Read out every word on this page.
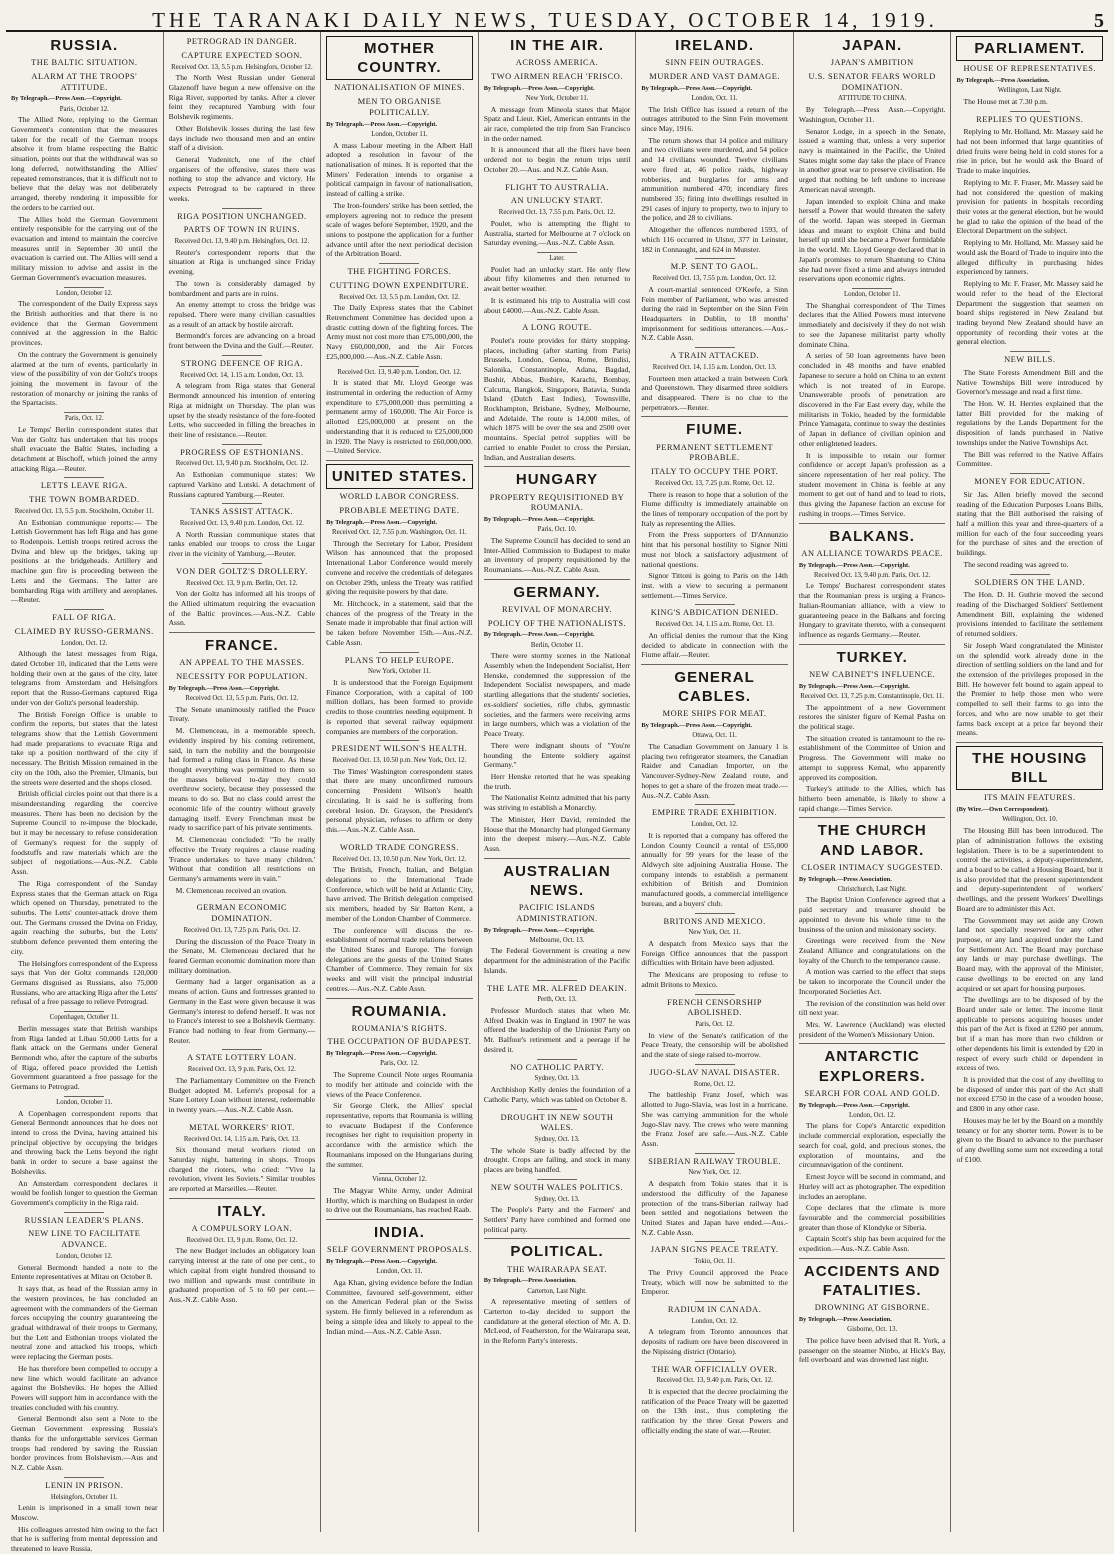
THE TARANAKI DAILY NEWS, TUESDAY, OCTOBER 14, 1919.	5
RUSSIA.
THE BALTIC SITUATION.
ALARM AT THE TROOPS' ATTITUDE.
By Telegraph.—Press Assn.—Copyright.
Paris, October 12.

The Allied Note, replying to the German Government's contention that the measures taken for the recall of the German troops absolve it from blame respecting the Baltic situation, points out that the withdrawal was so long deferred, notwithstanding the Allies' repeated remonstrances, that it is difficult not to believe that the delay was not deliberately arranged, thereby rendering it impossible for the orders to be carried out.

The Allies hold the German Government entirely responsible for the carrying out of the evacuation and intend to maintain the coercive measures until in September 30 until the evacuation is carried out. The Allies will send a military mission to advise and assist in the German Government's evacuation measures.

London, October 12.

The correspondent of the Daily Express says the British authorities and that there is no evidence that the German Government connived at the aggression in the Baltic provinces.

On the contrary the Government is genuinely alarmed at the turn of events, particularly in view of the possibility of von der Goltz's troops joining the movement in favour of the restoration of monarchy or joining the ranks of the Spartacists.

Paris, Oct. 12.

Le Temps' Berlin correspondent states that Von der Goltz has undertaken that his troops shall evacuate the Baltic States, including a detachment at Bischoff, which joined the army attacking Riga.—Reuter.

LETTS LEAVE RIGA.
THE TOWN BOMBARDED.
Received Oct. 13, 5.5 p.m. Stockholm, October 11.

An Esthonian communique reports:— The Lettish Government has left Riga and has gone to Rodenpois. Lettish troops retired across the Dvina and blew up the bridges, taking up positions at the bridgeheads. Artillery and machine gun fire is proceeding between the Letts and the Germans. The latter are bombarding Riga with artillery and aeroplanes.—Reuter.

FALL OF RIGA.
CLAIMED BY RUSSO-GERMANS.
London, Oct. 12.

Although the latest messages from Riga, dated October 10, indicated that the Letts were holding their own at the gates of the city, later telegrams from Amsterdam and Helsingfors report that the Russo-Germans captured Riga under von der Goltz's personal leadership.

The British Foreign Office is unable to confirm the reports, but states that the latest telegrams show that the Lettish Government had made preparations to evacuate Riga and take up a position northward of the city if necessary. The British Mission remained in the city on the 10th, also the Premier, Ulmanis, but the streets were deserted and the shops closed.

British official circles point out that there is a misunderstanding regarding the coercive measures. There has been no decision by the Supreme Council to re-impose the blockade, but it may be necessary to refuse consideration of Germany's request for the supply of foodstuffs and raw materials which are the subject of negotiations.—Aus.-N.Z. Cable Assn.

The Riga correspondent of the Sunday Express states that the German attack on Riga which opened on Thursday, penetrated to the suburbs. The Letts' counter-attack drove them out. The Germans crossed the Dvina on Friday, again reaching the suburbs, but the Letts' stubborn defence prevented them entering the city.

The Helsingfors correspondent of the Express says that Von der Goltz commands 120,000 Germans disguised as Russians, also 75,000 Russians, who are attacking Riga after the Letts' refusal of a free passage to relieve Petrograd.

Copenhagen, October 11.

Berlin messages state that British warships from Riga landed at Libau 50,000 Letts for a flank attack on the Germans under General Bermondt who, after the capture of the suburbs of Riga, offered peace provided the Lettish Government guaranteed a free passage for the Germans to Petrograd.

London, October 11.

A Copenhagen correspondent reports that General Bermondt announces that he does not intend to cross the Dvina, having attained his principal objective by occupying the bridges and throwing back the Letts beyond the right bank in order to secure a base against the Bolsheviks.

An Amsterdam correspondent declares it would be foolish longer to question the German Government's complicity in the Riga raid.

RUSSIAN LEADER'S PLANS.
NEW LINE TO FACILITATE ADVANCE.
London, October 12.

General Bermondt handed a note to the Entente representatives at Mitau on October 8.

It says that, as head of the Russian army in the western provinces, he has concluded an agreement with the commanders of the German forces occupying the country guaranteeing the gradual withdrawal of their troops to Germany, but the Lett and Esthonian troops violated the neutral zone and attacked his troops, which were replacing the German posts.

He has therefore been compelled to occupy a new line which would facilitate an advance against the Bolsheviks. He hopes the Allied Powers will support him in accordance with the treaties concluded with his country.

General Bermondt also sent a Note to the German Government expressing Russia's thanks for the unforgettable services German troops had rendered by saving the Russian border provinces from Bolshevism.—Aus and N.Z. Cable Assn.

LENIN IN PRISON.
Helsingfors, October 11.

Lenin is imprisoned in a small town near Moscow.

His colleagues arrested him owing to the fact that he is suffering from mental depression and threatened to leave Russia.

PETROGRAD IN DANGER.
CAPTURE EXPECTED SOON.
Received Oct. 13, 5.5 p.m. Helsingfors, October 12.

The North West Russian under General Glazenoff have begun a new offensive on the Riga River, supported by tanks. After a clever feint they recaptured Yamburg with four Bolshevik regiments.

Other Bolshevik losses during the last few days include two thousand men and an entire staff of a division.

General Yudenitch, one of the chief organisers of the offensive, states there was nothing to stop the advance and victory. He expects Petrograd to be captured in three weeks.

RIGA POSITION UNCHANGED.
PARTS OF TOWN IN RUINS.
Received Oct. 13, 9.40 p.m. Helsingfors, Oct. 12.

Reuter's correspondent reports that the situation at Riga is unchanged since Friday evening.

The town is considerably damaged by bombardment and parts are in ruins.

An enemy attempt to cross the bridge was repulsed. There were many civilian casualties as a result of an attack by hostile aircraft.

Bermondt's forces are advancing on a broad front between the Dvina and the Gulf.—Reuter.

STRONG DEFENCE OF RIGA.
Received Oct. 14, 1.15 a.m. London, Oct. 13.

A telegram from Riga states that General Bermondt announced his intention of entering Riga at midnight on Thursday. The plan was upset by the steady resistance of the fore-footed Letts, who succeeded in filling the breaches in their line of resistance.—Reuter.

PROGRESS OF ESTHONIANS.
Received Oct. 13, 9.40 p.m. Stockholm, Oct. 12.

An Esthonian communique states: We captured Varkino and Lutski. A detachment of Russians captured Yamburg.—Reuter.

TANKS ASSIST ATTACK.
Received Oct. 13, 9.40 p.m. London, Oct. 12.

A North Russian communique states that tanks enabled our troops to cross the Lugar river in the vicinity of Yamburg.—Reuter.

VON DER GOLTZ'S DROLLERY.
Received Oct. 13, 9 p.m. Berlin, Oct. 12.

Von der Goltz has informed all his troops of the Allied ultimatum requiring the evacuation of the Baltic provinces.—Aus.-N.Z. Cable Assn.

FRANCE.
AN APPEAL TO THE MASSES.
NECESSITY FOR POPULATION.
By Telegraph.—Press Assn.—Copyright.
Received Oct. 13, 5.5 p.m. Paris, Oct. 12.

The Senate unanimously ratified the Peace Treaty.

M. Clemenceau, in a memorable speech, evidently inspired by his coming retirement, said, in turn the nobility and the bourgeoisie had formed a ruling class in France. As these thought everything was permitted to them so the masses believed to-day they could overthrow society, because they possessed the means to do so. But no class could arrest the economic life of the country without gravely damaging itself. Every Frenchman must be ready to sacrifice part of his private sentiments.

M. Clemenceau concluded: "To be really effective the Treaty requires a clause reading 'France undertakes to have many children.' Without that condition all restrictions on Germany's armaments were in vain."

M. Clemenceau received an ovation.

GERMAN ECONOMIC DOMINATION.
Received Oct. 13, 7.25 p.m. Paris, Oct. 12.

During the discussion of the Peace Treaty in the Senate, M. Clemenceau declared that he feared German economic domination more than military domination.

Germany had a larger organisation as a means of action. Guns and fortresses granted to Germany in the East were given because it was Germany's interest to defend herself. It was not to France's interest to see a Bolshevik Germany. France had nothing to fear from Germany.—Reuter.

A STATE LOTTERY LOAN.
Received Oct. 13, 9 p.m. Paris, Oct. 12.

The Parliamentary Committee on the French Budget adopted M. Leferre's proposal for a State Lottery Loan without interest, redeemable in twenty years.—Aus.-N.Z. Cable Assn.

METAL WORKERS' RIOT.
Received Oct. 14, 1.15 a.m. Paris, Oct. 13.

Six thousand metal workers rioted on Saturday night, battering in shops. Troops charged the rioters, who cried: "Vive la revolution, vivent les Soviets." Similar troubles are reported at Marseilles.—Reuter.

ITALY.
A COMPULSORY LOAN.
Received Oct. 13, 9 p.m. Rome, Oct. 12.

The new Budget includes an obligatory loan carrying interest at the rate of one per cent., to which capital from eight hundred thousand to two million and upwards must contribute in graduated proportion of 5 to 60 per cent.—Aus.-N.Z. Cable Assn.

MOTHER COUNTRY.
NATIONALISATION OF MINES.
MEN TO ORGANISE POLITICALLY.
By Telegraph.—Press Assn.—Copyright.
London, October 11.

A mass Labour meeting in the Albert Hall adopted a resolution in favour of the nationalisation of mines. It is reported that the Miners' Federation intends to organise a political campaign in favour of nationalisation, instead of calling a strike.

The Iron-founders' strike has been settled, the employers agreeing not to reduce the present scale of wages before September, 1920, and the unions to postpone the application for a further advance until after the next periodical decision of the Arbitration Board.

THE FIGHTING FORCES.
CUTTING DOWN EXPENDITURE.
Received Oct. 13, 5.5 p.m. London, Oct. 12.

The Daily Express states that the Cabinet Retrenchment Committee has decided upon a drastic cutting down of the fighting forces. The Army must not cost more than £75,000,000, the Navy £60,000,000, and the Air Forces £25,000,000.—Aus.-N.Z. Cable Assn.

Received Oct. 13, 9.40 p.m. London, Oct. 12.

It is stated that Mr. Lloyd George was instrumental in ordering the reduction of Army expenditure to £75,000,000 thus permitting a permanent army of 160,000. The Air Force is allotted £25,000,000 at present on the understanding that it is reduced to £25,000,000 in 1920. The Navy is restricted to £60,000,000.—United Service.

UNITED STATES.
WORLD LABOR CONGRESS.
PROBABLE MEETING DATE.
By Telegraph.—Press Assn.—Copyright.
Received Oct. 12, 7.55 p.m. Washington, Oct. 11.

Through the Secretary for Labor, President Wilson has announced that the proposed International Labor Conference would merely convene and receive the credentials of delegates on October 29th, unless the Treaty was ratified giving the requisite powers by that date.

Mr. Hitchcock, in a statement, said that the chances of the progress of the Treaty in the Senate made it improbable that final action will be taken before November 15th.—Aus.-N.Z. Cable Assn.

PLANS TO HELP EUROPE.
New York, October 11.

It is understood that the Foreign Equipment Finance Corporation, with a capital of 100 million dollars, has been formed to provide credits to those countries needing equipment. It is reported that several railway equipment companies are members of the corporation.

PRESIDENT WILSON'S HEALTH.
Received Oct. 13, 10.50 p.m. New York, Oct. 12.

The Times' Washington correspondent states that there are many unconfirmed rumours concerning President Wilson's health circulating. It is said he is suffering from cerebral lesion. Dr. Grayson, the President's personal physician, refuses to affirm or deny this.—Aus.-N.Z. Cable Assn.

WORLD TRADE CONGRESS.
Received Oct. 13, 10.50 p.m. New York, Oct. 12.

The British, French, Italian, and Belgian delegations to the International Trade Conference, which will be held at Atlantic City, have arrived. The British delegation comprised six members, headed by Sir Barton Kent, a member of the London Chamber of Commerce.

The conference will discuss the re-establishment of normal trade relations between the United States and Europe. The foreign delegations are the guests of the United States Chamber of Commerce. They remain for six weeks and will visit the principal industrial centres.—Aus.-N.Z. Cable Assn.

ROUMANIA.
ROUMANIA'S RIGHTS.
THE OCCUPATION OF BUDAPEST.
By Telegraph.—Press Assn.—Copyright.
Paris, Oct. 12.

The Supreme Council Note urges Roumania to modify her attitude and coincide with the views of the Peace Conference.

Sir George Clerk, the Allies' special representative, reports that Roumania is willing to evacuate Budapest if the Conference recognises her right to requisition property in accordance with the armistice which the Roumanians imposed on the Hungarians during the summer.

Vienna, October 12.

The Magyar White Army, under Admiral Horthy, which is marching on Budapest in order to drive out the Roumanians, has reached Raab.

INDIA.
SELF GOVERNMENT PROPOSALS.
By Telegraph.—Press Assn.—Copyright.
London, Oct. 11.

Aga Khan, giving evidence before the Indian Committee, favoured self-government, either on the American Federal plan or the Swiss system. He firmly believed in a referendum as being a simple idea and likely to appeal to the Indian mind.—Aus.-N.Z. Cable Assn.

IN THE AIR.
ACROSS AMERICA.
TWO AIRMEN REACH 'FRISCO.
By Telegraph.—Press Assn.—Copyright.
New York, October 11.

A message from Mineola states that Major Spatz and Lieut. Kiel, American entrants in the air race, completed the trip from San Francisco in the order named.

It is announced that all the fliers have been ordered not to begin the return trips until October 20.—Aus. and N.Z. Cable Assn.

FLIGHT TO AUSTRALIA.
AN UNLUCKY START.
Received Oct. 13, 7.55 p.m. Paris, Oct. 12.

Poulet, who is attempting the flight to Australia, started for Melbourne at 7 o'clock on Saturday evening.—Aus.-N.Z. Cable Assn.

Later.

Poulet had an unlucky start. He only flew about fifty kilometres and then returned to await better weather.

It is estimated his trip to Australia will cost about £4000.—Aus.-N.Z. Cable Assn.

A LONG ROUTE.

Poulet's route provides for thirty stopping-places, including (after starting from Paris) Brussels, London, Genoa, Rome, Brindisi, Salonika, Constantinople, Adana, Bagdad, Bushir, Abbas, Bushire, Karachi, Bombay, Calcutta, Bangkok, Singapore, Batavia, Sunda Island (Dutch East Indies), Townsville, Rockhampton, Brisbane, Sydney, Melbourne, and Adelaide. The route is 14,000 miles, of which 1875 will be over the sea and 2500 over mountains. Special petrol supplies will be carried to enable Poulet to cross the Persian, Indian, and Australian deserts.

HUNGARY
PROPERTY REQUISITIONED BY ROUMANIA.
By Telegraph.—Press Assn.—Copyright.
Paris, Oct. 10.

The Supreme Council has decided to send an Inter-Allied Commission to Budapest to make an inventory of property requisitioned by the Roumanians.—Aus.-N.Z. Cable Assn.

GERMANY.
REVIVAL OF MONARCHY.
POLICY OF THE NATIONALISTS.
By Telegraph.—Press Assn.—Copyright.
Berlin, October 11.

There were stormy scenes in the National Assembly when the Independent Socialist, Herr Henske, condemned the suppression of the Independent Socialist newspapers, and made startling allegations that the students' societies, ex-soldiers' societies, rifle clubs, gymnastic societies, and the farmers were receiving arms in large numbers, which was a violation of the Peace Treaty.

There were indignant shouts of "You're hounding the Entente soldiery against Germany."

Herr Henske retorted that he was speaking the truth.

The Nationalist Keintz admitted that his party was striving to establish a Monarchy.

The Minister, Herr David, reminded the House that the Monarchy had plunged Germany into the deepest misery.—Aus.-N.Z. Cable Assn.

AUSTRALIAN NEWS.
PACIFIC ISLANDS ADMINISTRATION.
By Telegraph.—Press Assn.—Copyright.
Melbourne, Oct. 13.

The Federal Government is creating a new department for the administration of the Pacific Islands.

THE LATE MR. ALFRED DEAKIN.
Perth, Oct. 13.

Professor Murdoch states that when Mr. Alfred Deakin was in England in 1907 he was offered the leadership of the Unionist Party on Mr. Balfour's retirement and a peerage if he desired it.

NO CATHOLIC PARTY.
Sydney, Oct. 13.

Archbishop Kelly denies the foundation of a Catholic Party, which was tabled on October 8.

DROUGHT IN NEW SOUTH WALES.
Sydney, Oct. 13.

The whole State is badly affected by the drought. Crops are failing, and stock in many places are being handfed.

NEW SOUTH WALES POLITICS.
Sydney, Oct. 13.

The People's Party and the Farmers' and Settlers' Party have combined and formed one political party.

POLITICAL.
THE WAIRARAPA SEAT.
By Telegraph.—Press Association.
Carterton, Last Night.

A representative meeting of settlers of Carterton to-day decided to support the candidature at the general election of Mr. A. D. McLeod, of Featherston, for the Wairarapa seat, in the Reform Party's interests.

IRELAND.
SINN FEIN OUTRAGES.
MURDER AND VAST DAMAGE.
By Telegraph.—Press Assn.—Copyright.
London, Oct. 11.

The Irish Office has issued a return of the outrages attributed to the Sinn Fein movement since May, 1916.

The return shows that 14 police and military and two civilians were murdered, and 54 police and 14 civilians wounded. Twelve civilians were fired at, 46 police raids, highway robberies, and burglaries for arms and ammunition numbered 470; incendiary fires numbered 35; firing into dwellings resulted in 291 cases of injury to property, two to injury to the police, and 28 to civilians.

Altogether the offences numbered 1593, of which 116 occurred in Ulster, 377 in Leinster, 182 in Connaught, and 624 in Munster.

M.P. SENT TO GAOL.
Received Oct. 13, 7.55 p.m. London, Oct. 12.

A court-martial sentenced O'Keefe, a Sinn Fein member of Parliament, who was arrested during the raid in September on the Sinn Fein Headquarters in Dublin, to 18 months' imprisonment for seditious utterances.—Aus.-N.Z. Cable Assn.

A TRAIN ATTACKED.
Received Oct. 14, 1.15 a.m. London, Oct. 13.

Fourteen men attacked a train between Cork and Queenstown. They disarmed three soldiers and disappeared. There is no clue to the perpetrators.—Reuter.

FIUME.
PERMANENT SETTLEMENT PROBABLE.
ITALY TO OCCUPY THE PORT.
Received Oct. 13, 7.25 p.m. Rome, Oct. 12.

There is reason to hope that a solution of the Fiume difficulty is immediately attainable on the lines of temporary occupation of the port by Italy as representing the Allies.

From the Press supporters of D'Annunzio hint that his personal hostility to Signor Nitti must not block a satisfactory adjustment of national questions.

Signor Tittoni is going to Paris on the 14th inst. with a view to securing a permanent settlement.—Times Service.

KING'S ABDICATION DENIED.
Received Oct. 14, 1.15 a.m. Rome, Oct. 13.

An official denies the rumour that the King decided to abdicate in connection with the Fiume affair.—Reuter.

GENERAL CABLES.
MORE SHIPS FOR MEAT.
By Telegraph.—Press Assn.—Copyright.
Ottawa, Oct. 11.

The Canadian Government on January 1 is placing two refrigerator steamers, the Canadian Raider and Canadian Importer, on the Vancouver-Sydney-New Zealand route, and hopes to get a share of the frozen meat trade.—Aus.-N.Z. Cable Assn.

EMPIRE TRADE EXHIBITION.
London, Oct. 12.

It is reported that a company has offered the London County Council a rental of £55,000 annually for 99 years for the lease of the Aldwych site adjoining Australia House. The company intends to establish a permanent exhibition of British and Dominion manufactured goods, a commercial intelligence bureau, and a buyers' club.

BRITONS AND MEXICO.
New York, Oct. 11.

A despatch from Mexico says that the Foreign Office announces that the passport difficulties with Britain have been adjusted.

The Mexicans are proposing to refuse to admit Britons to Mexico.

FRENCH CENSORSHIP ABOLISHED.
Paris, Oct. 12.

In view of the Senate's ratification of the Peace Treaty, the censorship will be abolished and the state of siege raised to-morrow.

JUGO-SLAV NAVAL DISASTER.
Rome, Oct. 12.

The battleship Franz Josef, which was allotted to Jugo-Slavia, was lost in a hurricane. She was carrying ammunition for the whole Jugo-Slav navy. The crews who were manning the Franz Josef are safe.—Aus.-N.Z. Cable Assn.

SIBERIAN RAILWAY TROUBLE.
New York, Oct. 12.

A despatch from Tokio states that it is understood the difficulty of the Japanese protection of the trans-Siberian railway had been settled and negotiations between the United States and Japan have ended.—Aus.-N.Z. Cable Assn.

JAPAN SIGNS PEACE TREATY.
Tokio, Oct. 11.

The Privy Council approved the Peace Treaty, which will now be submitted to the Emperor.

RADIUM IN CANADA.
London, Oct. 12.

A telegram from Toronto announces that deposits of radium ore have been discovered in the Nipissing district (Ontario).

THE WAR OFFICIALLY OVER.
Received Oct. 13, 9.40 p.m. Paris, Oct. 12.

It is expected that the decree proclaiming the ratification of the Peace Treaty will be gazetted on the 13th inst., thus completing the ratification by the three Great Powers and officially ending the state of war.—Reuter.

JAPAN.
JAPAN'S AMBITION
U.S. SENATOR FEARS WORLD DOMINATION.
ATTITUDE TO CHINA.

By Telegraph.—Press Assn.—Copyright. Washington, October 11.

Senator Lodge, in a speech in the Senate, issued a warning that, unless a very superior navy is maintained in the Pacific, the United States might some day take the place of France in another great war to preserve civilisation. He urged that nothing be left undone to increase American naval strength.

Japan intended to exploit China and make herself a Power that would threaten the safety of the world. Japan was steeped in German ideas and meant to exploit China and build herself up until she became a Power formidable in the world. Mr. Lloyd George declared that in Japan's promises to return Shantung to China she had never fixed a time and always intruded reservations upon economic rights.

London, October 11.

The Shanghai correspondent of The Times declares that the Allied Powers must intervene immediately and decisively if they do not wish to see the Japanese militarist party wholly dominate China.

A series of 50 loan agreements have been concluded in 48 months and have enabled Japanese to secure a hold on China to an extent which is not treated of in Europe. Unanswerable proofs of penetration are discovered in the Far East every day, while the militarists in Tokio, headed by the formidable Prince Yamagata, continue to sway the destinies of Japan in defiance of civilian opinion and other enlightened leaders.

It is impossible to retain our former confidence or accept Japan's profession as a sincere representation of her real policy. The student movement in China is feeble at any moment to get out of hand and to lead to riots, thus giving the Japanese faction an excuse for rushing in troops.—Times Service.

BALKANS.
AN ALLIANCE TOWARDS PEACE.
By Telegraph.—Press Assn.—Copyright.
Received Oct. 13, 9.40 p.m. Paris, Oct. 12.

Le Temps' Bucharest correspondent states that the Roumanian press is urging a Franco-Italian-Roumanian alliance, with a view to guaranteeing peace in the Balkans and forcing Hungary to gravitate thereto, with a consequent influence as regards Germany.—Reuter.

TURKEY.
NEW CABINET'S INFLUENCE.
By Telegraph.—Press Assn.—Copyright.
Received Oct. 13, 7.25 p.m. Constantinople, Oct. 11.

The appointment of a new Government restores the sinister figure of Kemal Pasha on the political stage.

The situation created is tantamount to the re-establishment of the Committee of Union and Progress. The Government will make no attempt to suppress Kemal, who apparently approved its composition.

Turkey's attitude to the Allies, which has hitherto been amenable, is likely to show a rapid change.—Times Service.

THE CHURCH AND LABOR.
CLOSER INTIMACY SUGGESTED.
By Telegraph.—Press Association.
Christchurch, Last Night.

The Baptist Union Conference agreed that a paid secretary and treasurer should be appointed to devote his whole time to the business of the union and missionary society.

Greetings were received from the New Zealand Alliance and congratulations on the loyalty of the Church to the temperance cause.

A motion was carried to the effect that steps be taken to incorporate the Council under the Incorporated Societies Act.

The revision of the constitution was held over till next year.

Mrs. W. Lawrence (Auckland) was elected president of the Women's Missionary Union.

ANTARCTIC EXPLORERS.
SEARCH FOR COAL AND GOLD.
By Telegraph.—Press Assn.—Copyright.
London, Oct. 12.

The plans for Cope's Antarctic expedition include commercial exploration, especially the search for coal, gold, and precious stones, the exploration of mountains, and the circumnavigation of the continent.

Ernest Joyce will be second in command, and Hurley will act as photographer. The expedition includes an aeroplane.

Cope declares that the climate is more favourable and the commercial possibilities greater than those of Klondyke or Siberia.

Captain Scott's ship has been acquired for the expedition.—Aus.-N.Z. Cable Assn.

ACCIDENTS AND FATALITIES.
DROWNING AT GISBORNE.
By Telegraph.—Press Association.
Gisborne, Oct. 13.

The police have been advised that R. York, a passenger on the steamer Ninbo, at Hick's Bay, fell overboard and was drowned last night.

PARLIAMENT.
HOUSE OF REPRESENTATIVES.
By Telegraph.—Press Association.
Wellington, Last Night.

The House met at 7.30 p.m.

REPLIES TO QUESTIONS.

Replying to Mr. Holland, Mr. Massey said he had not been informed that large quantities of dried fruits were being held in cold stores for a rise in price, but he would ask the Board of Trade to make inquiries.

Replying to Mr. F. Fraser, Mr. Massey said he had not considered the question of making provision for patients in hospitals recording their votes at the general election, but he would be glad to take the opinion of the head of the Electoral Department on the subject.

Replying to Mr. Holland, Mr. Massey said he would ask the Board of Trade to inquire into the alleged difficulty in purchasing hides experienced by tanners.

Replying to Mr. F. Fraser, Mr. Massey said he would refer to the head of the Electoral Department the suggestion that seamen on board ships registered in New Zealand but trading beyond New Zealand should have an opportunity of recording their votes at the general election.

NEW BILLS.

The State Forests Amendment Bill and the Native Townships Bill were introduced by Governor's message and read a first time.

The Hon. W. H. Herries explained that the latter Bill provided for the making of regulations by the Lands Department for the disposition of lands purchased in Native townships under the Native Townships Act.

The Bill was referred to the Native Affairs Committee.

MONEY FOR EDUCATION.

Sir Jas. Allen briefly moved the second reading of the Education Purposes Loans Bills, stating that the Bill authorised the raising of half a million this year and three-quarters of a million for each of the four succeeding years for the purchase of sites and the erection of buildings.

The second reading was agreed to.

SOLDIERS ON THE LAND.

The Hon. D. H. Guthrie moved the second reading of the Discharged Soldiers' Settlement Amendment Bill, explaining the widened provisions intended to facilitate the settlement of returned soldiers.

Sir Joseph Ward congratulated the Minister on the splendid work already done in the direction of settling soldiers on the land and for the extension of the privileges proposed in the Bill. He however felt bound to again appeal to the Premier to help those men who were compelled to sell their farms to go into the forces, and who are now unable to get their farms back except at a price far beyond their means.

THE HOUSING BILL
ITS MAIN FEATURES.
(By Wire.—Own Correspondent).
Wellington, Oct. 10.

The Housing Bill has been introduced. The plan of administration follows the existing legislation. There is to be a superintendent to control the activities, a deputy-superintendent, and a board to be called a Housing Board, but it is also provided that the present superintendent and deputy-superintendent of workers' dwellings, and the present Workers' Dwellings Board are to administer this Act.

The Government may set aside any Crown land not specially reserved for any other purpose, or any land acquired under the Land for Settlement Act. The Board may purchase any lands or may purchase dwellings. The Board may, with the approval of the Minister, cause dwellings to be erected on any land acquired or set apart for housing purposes.

The dwellings are to be disposed of by the Board under sale or letter. The income limit applicable to persons acquiring houses under this part of the Act is fixed at £260 per annum, but if a man has more than two children or other dependents his limit is extended by £20 in respect of every such child or dependent in excess of two.

It is provided that the cost of any dwelling to be disposed of under this part of the Act shall not exceed £750 in the case of a wooden house, and £800 in any other case.

Houses may be let by the Board on a monthly tenancy or for any shorter term. Power is to be given to the Board to advance to the purchaser of any dwelling some sum not exceeding a total of £100.
